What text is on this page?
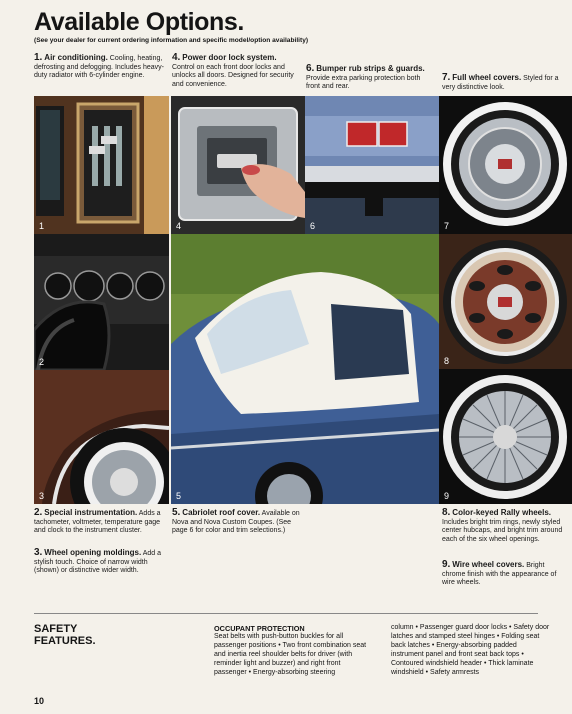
Available Options.
(See your dealer for current ordering information and specific model/option availability)
1. Air conditioning. Cooling, heating, defrosting and defogging. Includes heavy-duty radiator with 6-cylinder engine.
4. Power door lock system. Control on each front door locks and unlocks all doors. Designed for security and convenience.
6. Bumper rub strips & guards. Provide extra parking protection both front and rear.
7. Full wheel covers. Styled for a very distinctive look.
1	4	6	7
2
5
8
3	9
2. Special instrumentation. Adds a tachometer, voltmeter, temperature gage and clock to the instrument cluster.
3. Wheel opening moldings. Add a stylish touch. Choice of narrow width (shown) or distinctive wider width.
5. Cabriolet roof cover. Available on Nova and Nova Custom Coupes. (See page 6 for color and trim selections.)
8. Color-keyed Rally wheels. Includes bright trim rings, newly styled center hubcaps, and bright trim around each of the six wheel openings.
9. Wire wheel covers. Bright chrome finish with the appearance of wire wheels.
SAFETY
FEATURES.
OCCUPANT PROTECTION
Seat belts with push-button buckles for all passenger positions • Two front combination seat and inertia reel shoulder belts for driver (with reminder light and buzzer) and right front passenger • Energy-absorbing steering
column • Passenger guard door locks • Safety door latches and stamped steel hinges • Folding seat back latches • Energy-absorbing padded instrument panel and front seat back tops • Contoured windshield header • Thick laminate windshield • Safety armrests
10
